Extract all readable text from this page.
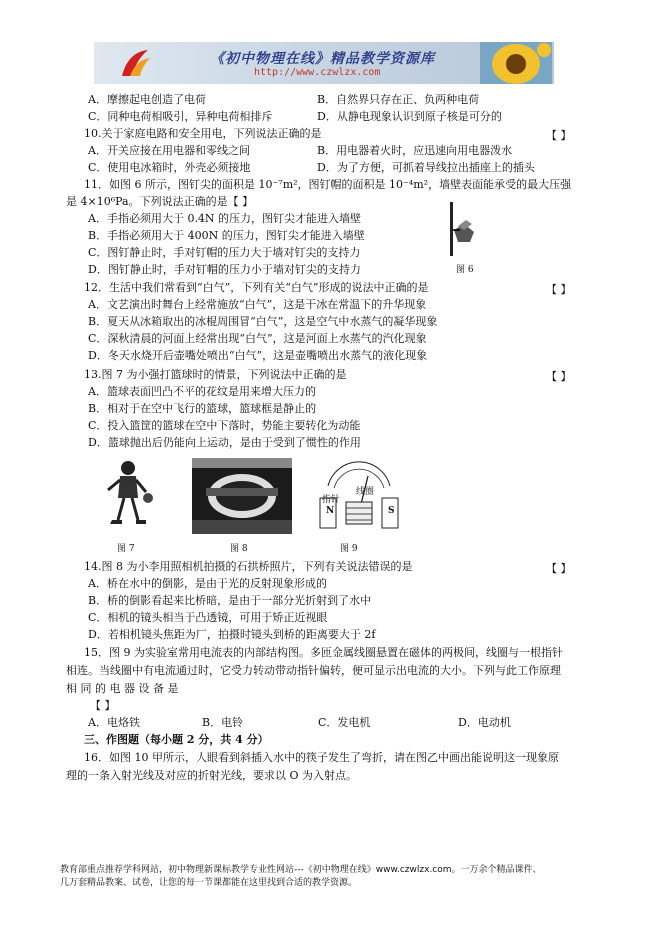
《初中物理在线》精品教学资源库
http://www.czwlzx.com
A．摩擦起电创造了电荷	B．自然界只存在正、负两种电荷
C．同种电荷相吸引，异种电荷相排斥	D．从静电现象认识到原子核是可分的
10.关于家庭电路和安全用电，下列说法正确的是	【 】
A．开关应接在用电器和零线之间	B．用电器着火时，应迅速向用电器泼水
C．使用电冰箱时，外壳必须接地	D．为了方便，可抓着导线拉出插座上的插头
11．如图 6 所示，图钉尖的面积是 10⁻⁷m²，图钉帽的面积是 10⁻⁴m²，墙壁表面能承受的最大压强
是 4×10⁶Pa。下列说法正确的是【 】
A．手指必须用大于 0.4N 的压力，图钉尖才能进入墙壁
B．手指必须用大于 400N 的压力，图钉尖才能进入墙壁
C．图钉静止时，手对钉帽的压力大于墙对钉尖的支持力
D．图钉静止时，手对钉帽的压力小于墙对钉尖的支持力	图 6
12．生活中我们常看到“白气”，下列有关“白气”形成的说法中正确的是	【 】
A．文艺演出时舞台上经常施放“白气”，这是干冰在常温下的升华现象
B．夏天从冰箱取出的冰棍周围冒“白气”，这是空气中水蒸气的凝华现象
C．深秋清晨的河面上经常出现“白气”，这是河面上水蒸气的汽化现象
D．冬天水烧开后壶嘴处喷出“白气”，这是壶嘴喷出水蒸气的液化现象
13.图 7 为小强打篮球时的情景，下列说法中正确的是	【 】
A．篮球表面凹凸不平的花纹是用来增大压力的
B．相对于在空中飞行的篮球，篮球框是静止的
C．投入篮筐的篮球在空中下落时，势能主要转化为动能
D．篮球抛出后仍能向上运动，是由于受到了惯性的作用
图 7	图 8
指针
线圈
N	S
图 9
14.图 8 为小李用照相机拍摄的石拱桥照片，下列有关说法错误的是	【 】
A．桥在水中的倒影，是由于光的反射现象形成的
B．桥的倒影看起来比桥暗，是由于一部分光折射到了水中
C．相机的镜头相当于凸透镜，可用于矫正近视眼
D．若相机镜头焦距为厂，拍摄时镜头到桥的距离要大于 2f
15．图 9 为实验室常用电流表的内部结构图。多匝金属线圈悬置在磁体的两极间，线圈与一根指针
相连。当线圈中有电流通过时，它受力转动带动指针偏转，便可显示出电流的大小。下列与此工作原理
相 同 的 电 器 设 备 是
【 】
A．电烙铁	B．电铃	C．发电机	D．电动机
三、作图题（每小题 2 分，共 4 分）
16．如图 10 甲所示，人眼看到斜插入水中的筷子发生了弯折，请在图乙中画出能说明这一现象原
理的一条入射光线及对应的折射光线，要求以 O 为入射点。
教育部重点推荐学科网站，初中物理新课标教学专业性网站---《初中物理在线》www.czwlzx.com。一万余个精品课件、
几万套精品教案、试卷，让您的每一节课都能在这里找到合适的教学资源。
